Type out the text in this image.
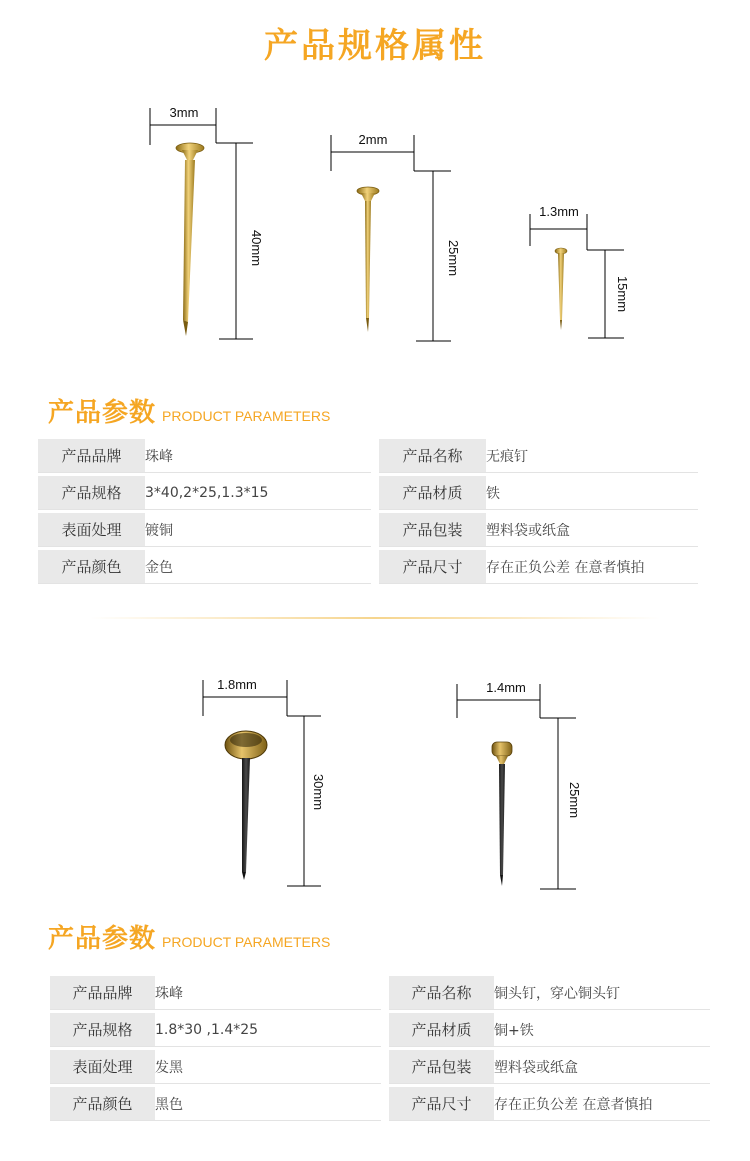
产品规格属性
3mm
40mm
2mm
25mm
1.3mm
15mm
产品参数 PRODUCT PARAMETERS
产品品牌	珠峰		产品名称	无痕钉
产品规格	3*40,2*25,1.3*15		产品材质	铁
表面处理	镀铜		产品包装	塑料袋或纸盒
产品颜色	金色		产品尺寸	存在正负公差 在意者慎拍
1.8mm
30mm
1.4mm
25mm
产品参数 PRODUCT PARAMETERS
产品品牌	珠峰		产品名称	铜头钉，穿心铜头钉
产品规格	1.8*30 ,1.4*25		产品材质	铜+铁
表面处理	发黑		产品包装	塑料袋或纸盒
产品颜色	黑色		产品尺寸	存在正负公差 在意者慎拍
